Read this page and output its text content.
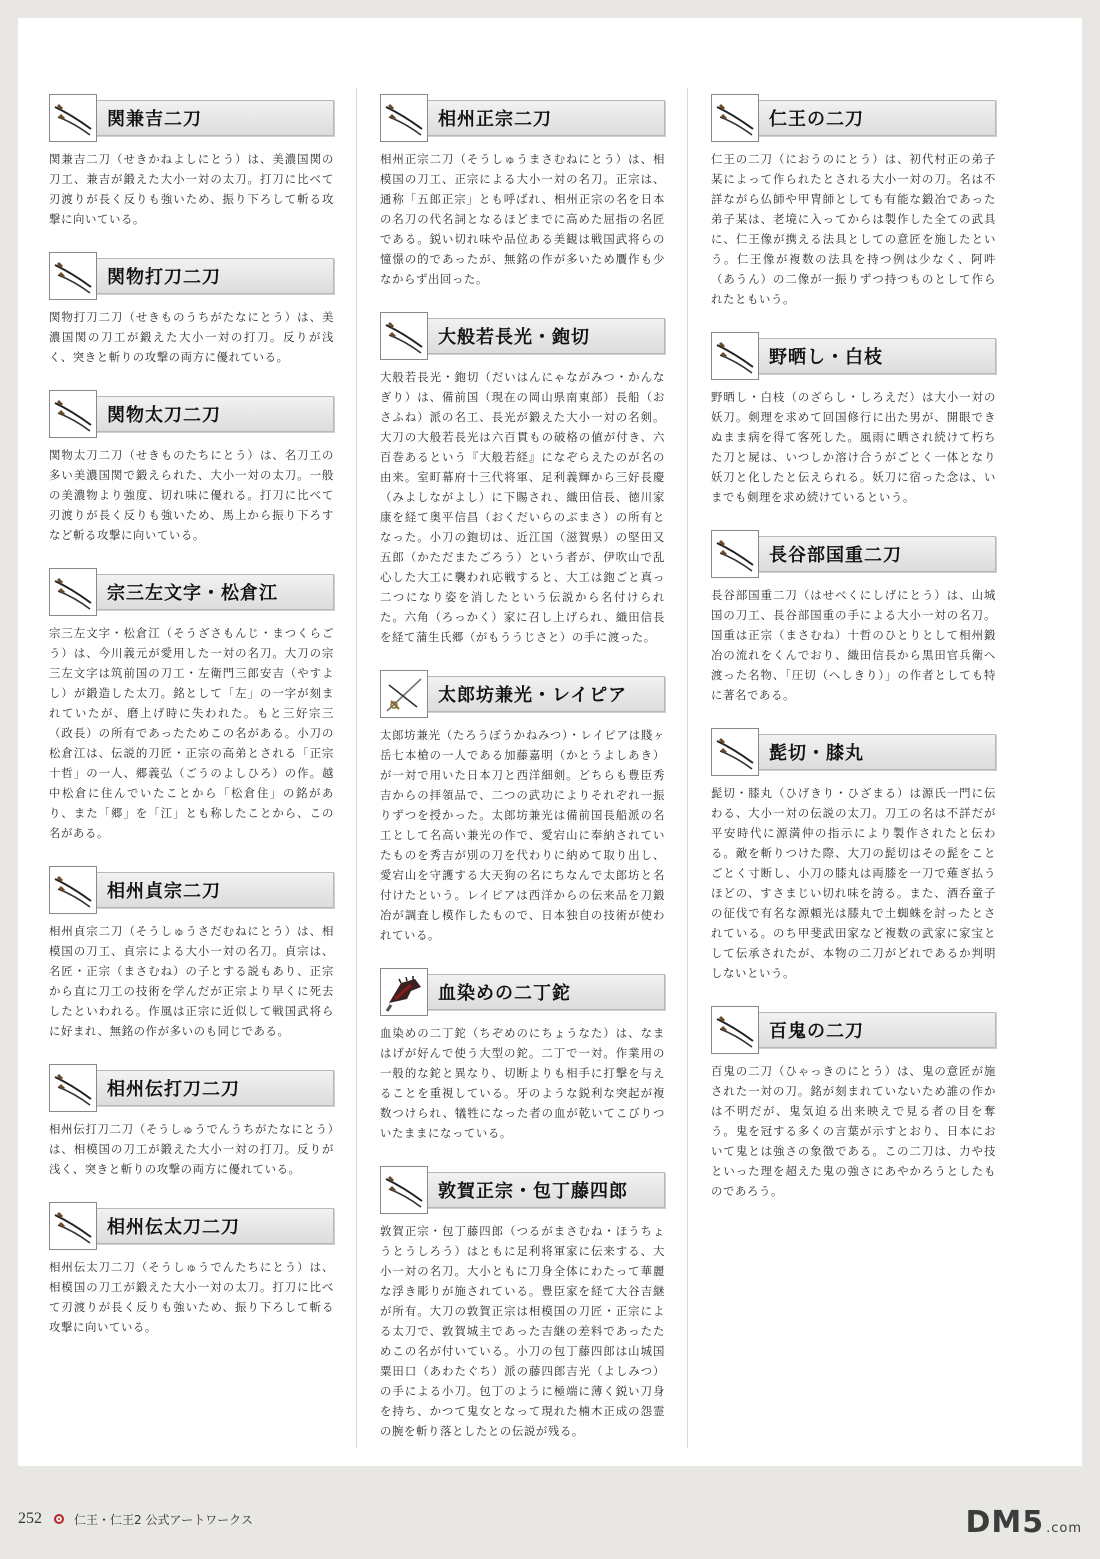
関兼吉二刀
関兼吉二刀（せきかねよしにとう）は、美濃国関の刀工、兼吉が鍛えた大小一対の太刀。打刀に比べて刃渡りが長く反りも強いため、振り下ろして斬る攻撃に向いている。
関物打刀二刀
関物打刀二刀（せきものうちがたなにとう）は、美濃国関の刀工が鍛えた大小一対の打刀。反りが浅く、突きと斬りの攻撃の両方に優れている。
関物太刀二刀
関物太刀二刀（せきものたちにとう）は、名刀工の多い美濃国関で鍛えられた、大小一対の太刀。一般の美濃物より強度、切れ味に優れる。打刀に比べて刃渡りが長く反りも強いため、馬上から振り下ろすなど斬る攻撃に向いている。
宗三左文字・松倉江
宗三左文字・松倉江（そうざさもんじ・まつくらごう）は、今川義元が愛用した一対の名刀。大刀の宗三左文字は筑前国の刀工・左衛門三郎安吉（やすよし）が鍛造した太刀。銘として「左」の一字が刻まれていたが、磨上げ時に失われた。もと三好宗三（政長）の所有であったためこの名がある。小刀の松倉江は、伝説的刀匠・正宗の高弟とされる「正宗十哲」の一人、郷義弘（ごうのよしひろ）の作。越中松倉に住んでいたことから「松倉住」の銘があり、また「郷」を「江」とも称したことから、この名がある。
相州貞宗二刀
相州貞宗二刀（そうしゅうさだむねにとう）は、相模国の刀工、貞宗による大小一対の名刀。貞宗は、名匠・正宗（まさむね）の子とする説もあり、正宗から直に刀工の技術を学んだが正宗より早くに死去したといわれる。作風は正宗に近似して戦国武将らに好まれ、無銘の作が多いのも同じである。
相州伝打刀二刀
相州伝打刀二刀（そうしゅうでんうちがたなにとう）は、相模国の刀工が鍛えた大小一対の打刀。反りが浅く、突きと斬りの攻撃の両方に優れている。
相州伝太刀二刀
相州伝太刀二刀（そうしゅうでんたちにとう）は、相模国の刀工が鍛えた大小一対の太刀。打刀に比べて刃渡りが長く反りも強いため、振り下ろして斬る攻撃に向いている。
相州正宗二刀
相州正宗二刀（そうしゅうまさむねにとう）は、相模国の刀工、正宗による大小一対の名刀。正宗は、通称「五郎正宗」とも呼ばれ、相州正宗の名を日本の名刀の代名詞となるほどまでに高めた屈指の名匠である。鋭い切れ味や品位ある美観は戦国武将らの憧憬の的であったが、無銘の作が多いため贋作も少なからず出回った。
大般若長光・鉋切
大般若長光・鉋切（だいはんにゃながみつ・かんなぎり）は、備前国（現在の岡山県南東部）長船（おさふね）派の名工、長光が鍛えた大小一対の名剣。大刀の大般若長光は六百貫もの破格の値が付き、六百巻あるという『大般若経』になぞらえたのが名の由来。室町幕府十三代将軍、足利義輝から三好長慶（みよしながよし）に下賜され、織田信長、徳川家康を経て奥平信昌（おくだいらのぶまさ）の所有となった。小刀の鉋切は、近江国（滋賀県）の堅田又五郎（かただまたごろう）という者が、伊吹山で乱心した大工に襲われ応戦すると、大工は鉋ごと真っ二つになり姿を消したという伝説から名付けられた。六角（ろっかく）家に召し上げられ、織田信長を経て蒲生氏郷（がもううじさと）の手に渡った。
太郎坊兼光・レイピア
太郎坊兼光（たろうぼうかねみつ）・レイピアは賤ヶ岳七本槍の一人である加藤嘉明（かとうよしあき）が一対で用いた日本刀と西洋細剣。どちらも豊臣秀吉からの拝領品で、二つの武功によりそれぞれ一振りずつを授かった。太郎坊兼光は備前国長船派の名工として名高い兼光の作で、愛宕山に奉納されていたものを秀吉が別の刀を代わりに納めて取り出し、愛宕山を守護する大天狗の名にちなんで太郎坊と名付けたという。レイピアは西洋からの伝来品を刀鍛冶が調査し模作したもので、日本独自の技術が使われている。
血染めの二丁鉈
血染めの二丁鉈（ちぞめのにちょうなた）は、なまはげが好んで使う大型の鉈。二丁で一対。作業用の一般的な鉈と異なり、切断よりも相手に打撃を与えることを重視している。牙のような鋭利な突起が複数つけられ、犠牲になった者の血が乾いてこびりついたままになっている。
敦賀正宗・包丁藤四郎
敦賀正宗・包丁藤四郎（つるがまさむね・ほうちょうとうしろう）はともに足利将軍家に伝来する、大小一対の名刀。大小ともに刀身全体にわたって華麗な浮き彫りが施されている。豊臣家を経て大谷吉継が所有。大刀の敦賀正宗は相模国の刀匠・正宗による太刀で、敦賀城主であった吉継の差料であったためこの名が付いている。小刀の包丁藤四郎は山城国粟田口（あわたぐち）派の藤四郎吉光（よしみつ）の手による小刀。包丁のように極端に薄く鋭い刀身を持ち、かつて鬼女となって現れた楠木正成の怨霊の腕を斬り落としたとの伝説が残る。
仁王の二刀
仁王の二刀（におうのにとう）は、初代村正の弟子某によって作られたとされる大小一対の刀。名は不詳ながら仏師や甲冑師としても有能な鍛冶であった弟子某は、老境に入ってからは製作した全ての武具に、仁王像が携える法具としての意匠を施したという。仁王像が複数の法具を持つ例は少なく、阿吽（あうん）の二像が一振りずつ持つものとして作られたともいう。
野晒し・白枝
野晒し・白枝（のざらし・しろえだ）は大小一対の妖刀。剣理を求めて回国修行に出た男が、開眼できぬまま病を得て客死した。風雨に晒され続けて朽ちた刀と屍は、いつしか溶け合うがごとく一体となり妖刀と化したと伝えられる。妖刀に宿った念は、いまでも剣理を求め続けているという。
長谷部国重二刀
長谷部国重二刀（はせべくにしげにとう）は、山城国の刀工、長谷部国重の手による大小一対の名刀。国重は正宗（まさむね）十哲のひとりとして相州鍛冶の流れをくんでおり、織田信長から黒田官兵衛へ渡った名物、「圧切（へしきり）」の作者としても特に著名である。
髭切・膝丸
髭切・膝丸（ひげきり・ひざまる）は源氏一門に伝わる、大小一対の伝説の太刀。刀工の名は不詳だが平安時代に源満仲の指示により製作されたと伝わる。敵を斬りつけた際、大刀の髭切はその髭をことごとく寸断し、小刀の膝丸は両膝を一刀で薙ぎ払うほどの、すさまじい切れ味を誇る。また、酒呑童子の征伐で有名な源頼光は膝丸で土蜘蛛を討ったとされている。のち甲斐武田家など複数の武家に家宝として伝承されたが、本物の二刀がどれであるか判明しないという。
百鬼の二刀
百鬼の二刀（ひゃっきのにとう）は、鬼の意匠が施された一対の刀。銘が刻まれていないため誰の作かは不明だが、鬼気迫る出来映えで見る者の目を奪う。鬼を冠する多くの言葉が示すとおり、日本において鬼とは強さの象徴である。この二刀は、力や技といった理を超えた鬼の強さにあやかろうとしたものであろう。
252	仁王・仁王2 公式アートワークス	DM5 .com
